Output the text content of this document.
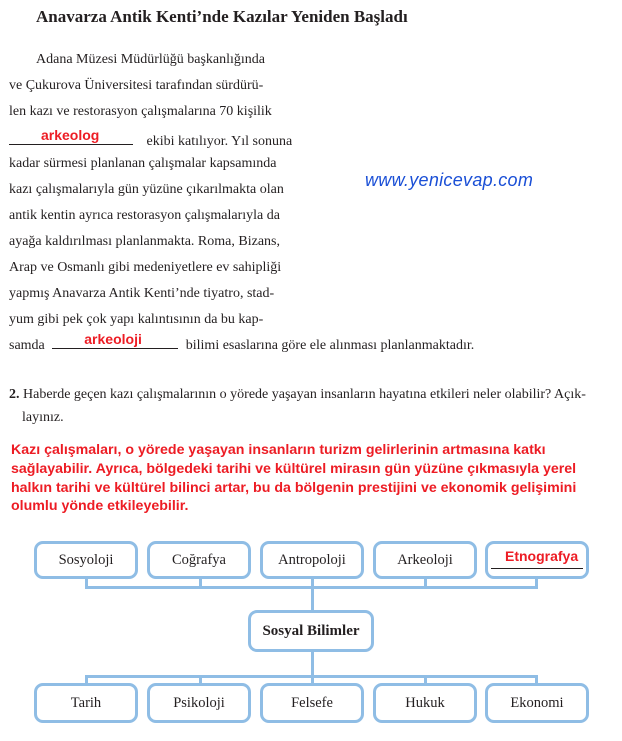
Anavarza Antik Kenti’nde Kazılar Yeniden Başladı
Adana Müzesi Müdürlüğü başkanlığında
ve Çukurova Üniversitesi tarafından sürdürü-
len kazı ve restorasyon çalışmalarına 70 kişilik
arkeolog	ekibi katılıyor. Yıl sonuna
kadar sürmesi planlanan çalışmalar kapsamında
kazı çalışmalarıyla gün yüzüne çıkarılmakta olan
antik kentin ayrıca restorasyon çalışmalarıyla da
ayağa kaldırılması planlanmakta. Roma, Bizans,
Arap ve Osmanlı gibi medeniyetlere ev sahipliği
yapmış Anavarza Antik Kenti’nde tiyatro, stad-
yum gibi pek çok yapı kalıntısının da bu kap-
samda	arkeoloji	bilimi esaslarına göre ele alınması planlanmaktadır.
www.yenicevap.com
2. Haberde geçen kazı çalışmalarının o yörede yaşayan insanların hayatına etkileri neler olabilir? Açık-
layınız.
Kazı çalışmaları, o yörede yaşayan insanların turizm gelirlerinin artmasına katkı
sağlayabilir. Ayrıca, bölgedeki tarihi ve kültürel mirasın gün yüzüne çıkmasıyla yerel
halkın tarihi ve kültürel bilinci artar, bu da bölgenin prestijini ve ekonomik gelişimini
olumlu yönde etkileyebilir.
Sosyoloji	Coğrafya	Antropoloji	Arkeoloji	Etnografya
Sosyal Bilimler
Tarih	Psikoloji	Felsefe	Hukuk	Ekonomi
